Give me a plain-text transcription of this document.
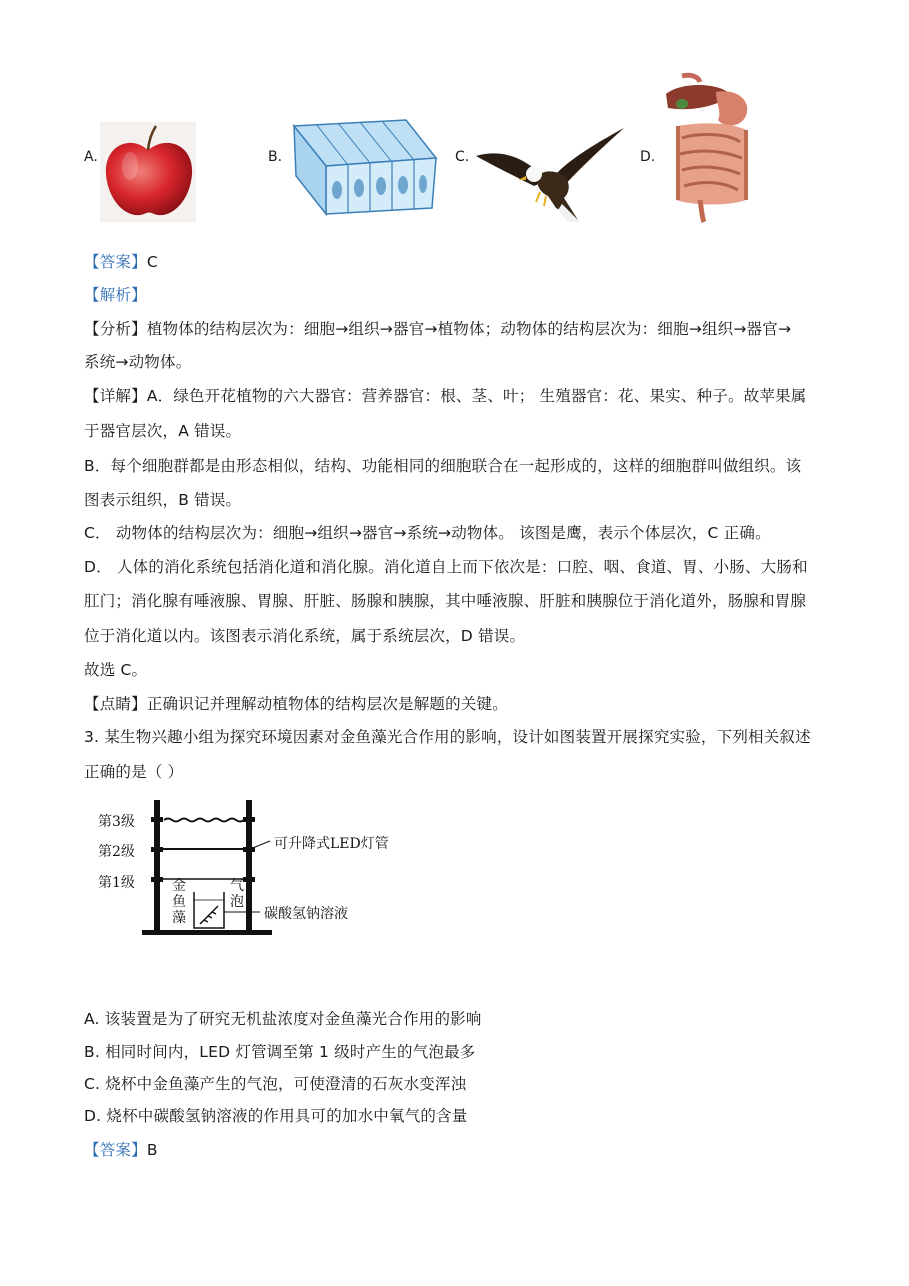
A.	B.	C.	D.
【答案】C
【解析】
【分析】植物体的结构层次为：细胞→组织→器官→植物体；动物体的结构层次为：细胞→组织→器官→
系统→动物体。
【详解】A．绿色开花植物的六大器官：营养器官：根、茎、叶； 生殖器官：花、果实、种子。故苹果属
于器官层次，A 错误。
B．每个细胞群都是由形态相似，结构、功能相同的细胞联合在一起形成的，这样的细胞群叫做组织。该
图表示组织，B 错误。
C． 动物体的结构层次为：细胞→组织→器官→系统→动物体。 该图是鹰，表示个体层次，C 正确。
D． 人体的消化系统包括消化道和消化腺。消化道自上而下依次是：口腔、咽、食道、胃、小肠、大肠和
肛门；消化腺有唾液腺、胃腺、肝脏、肠腺和胰腺，其中唾液腺、肝脏和胰腺位于消化道外，肠腺和胃腺
位于消化道以内。该图表示消化系统，属于系统层次，D 错误。
故选 C。
【点睛】正确识记并理解动植物体的结构层次是解题的关键。
3. 某生物兴趣小组为探究环境因素对金鱼藻光合作用的影响，设计如图装置开展探究实验，下列相关叙述
正确的是（ ）
第3级
第2级
第1级
可升降式LED灯管
金
鱼
藻
气
泡
碳酸氢钠溶液
A. 该装置是为了研究无机盐浓度对金鱼藻光合作用的影响
B. 相同时间内，LED 灯管调至第 1 级时产生的气泡最多
C. 烧杯中金鱼藻产生的气泡，可使澄清的石灰水变浑浊
D. 烧杯中碳酸氢钠溶液的作用具可的加水中氧气的含量
【答案】B
